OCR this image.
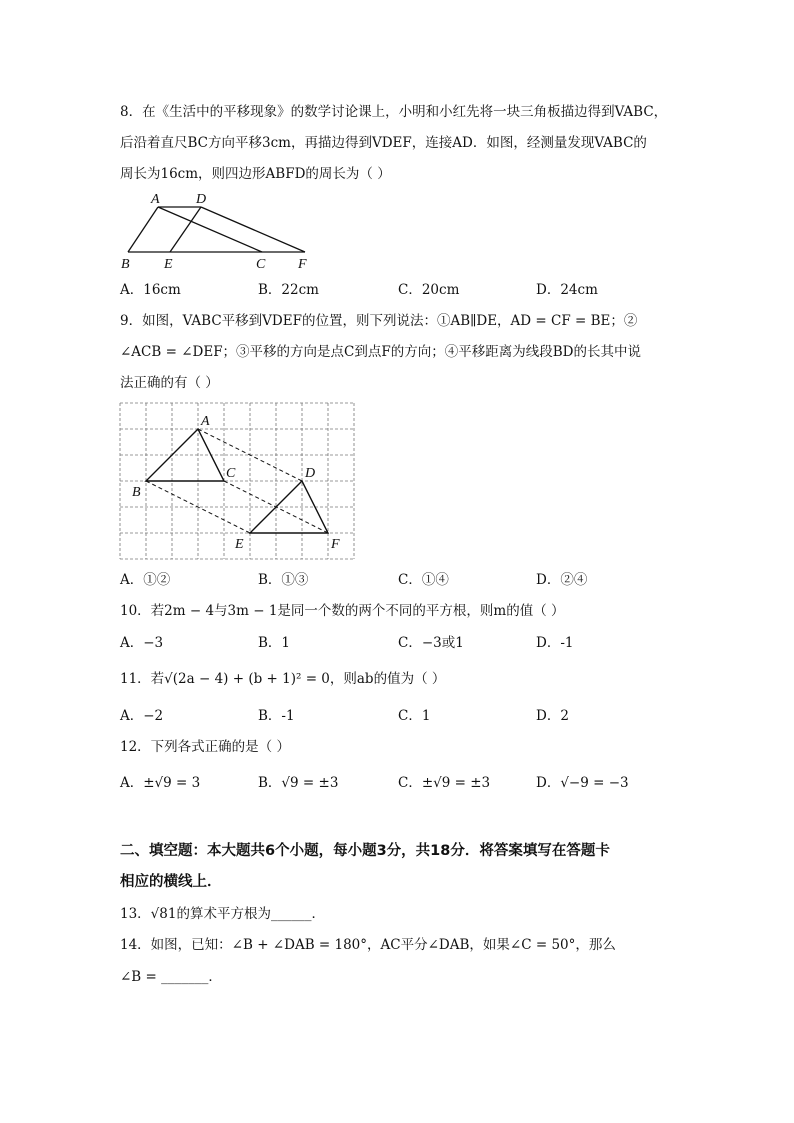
8．在《生活中的平移现象》的数学讨论课上，小明和小红先将一块三角板描边得到VABC，
后沿着直尺BC方向平移3cm，再描边得到VDEF，连接AD．如图，经测量发现VABC的
周长为16cm，则四边形ABFD的周长为（ ）
A	D
B E	C F
A．16cm	B．22cm	C．20cm	D．24cm
9．如图，VABC平移到VDEF的位置，则下列说法：①AB∥DE，AD = CF = BE；②
∠ACB = ∠DEF；③平移的方向是点C到点F的方向；④平移距离为线段BD的长其中说
法正确的有（ ）
A
C	D
B
E	F
A．①②	B．①③	C．①④	D．②④
10．若2m − 4与3m − 1是同一个数的两个不同的平方根，则m的值（ ）
A．−3	B．1	C．−3或1	D．-1
11．若√(2a − 4) + (b + 1)² = 0，则ab的值为（ ）
A．−2	B．-1	C．1	D．2
12．下列各式正确的是（ ）
A．±√9 = 3	B．√9 = ±3	C．±√9 = ±3	D．√−9 = −3
二、填空题：本大题共6个小题，每小题3分，共18分．将答案填写在答题卡
相应的横线上．
13．√81的算术平方根为______．
14．如图，已知：∠B + ∠DAB = 180°，AC平分∠DAB，如果∠C = 50°，那么
∠B = _______．
